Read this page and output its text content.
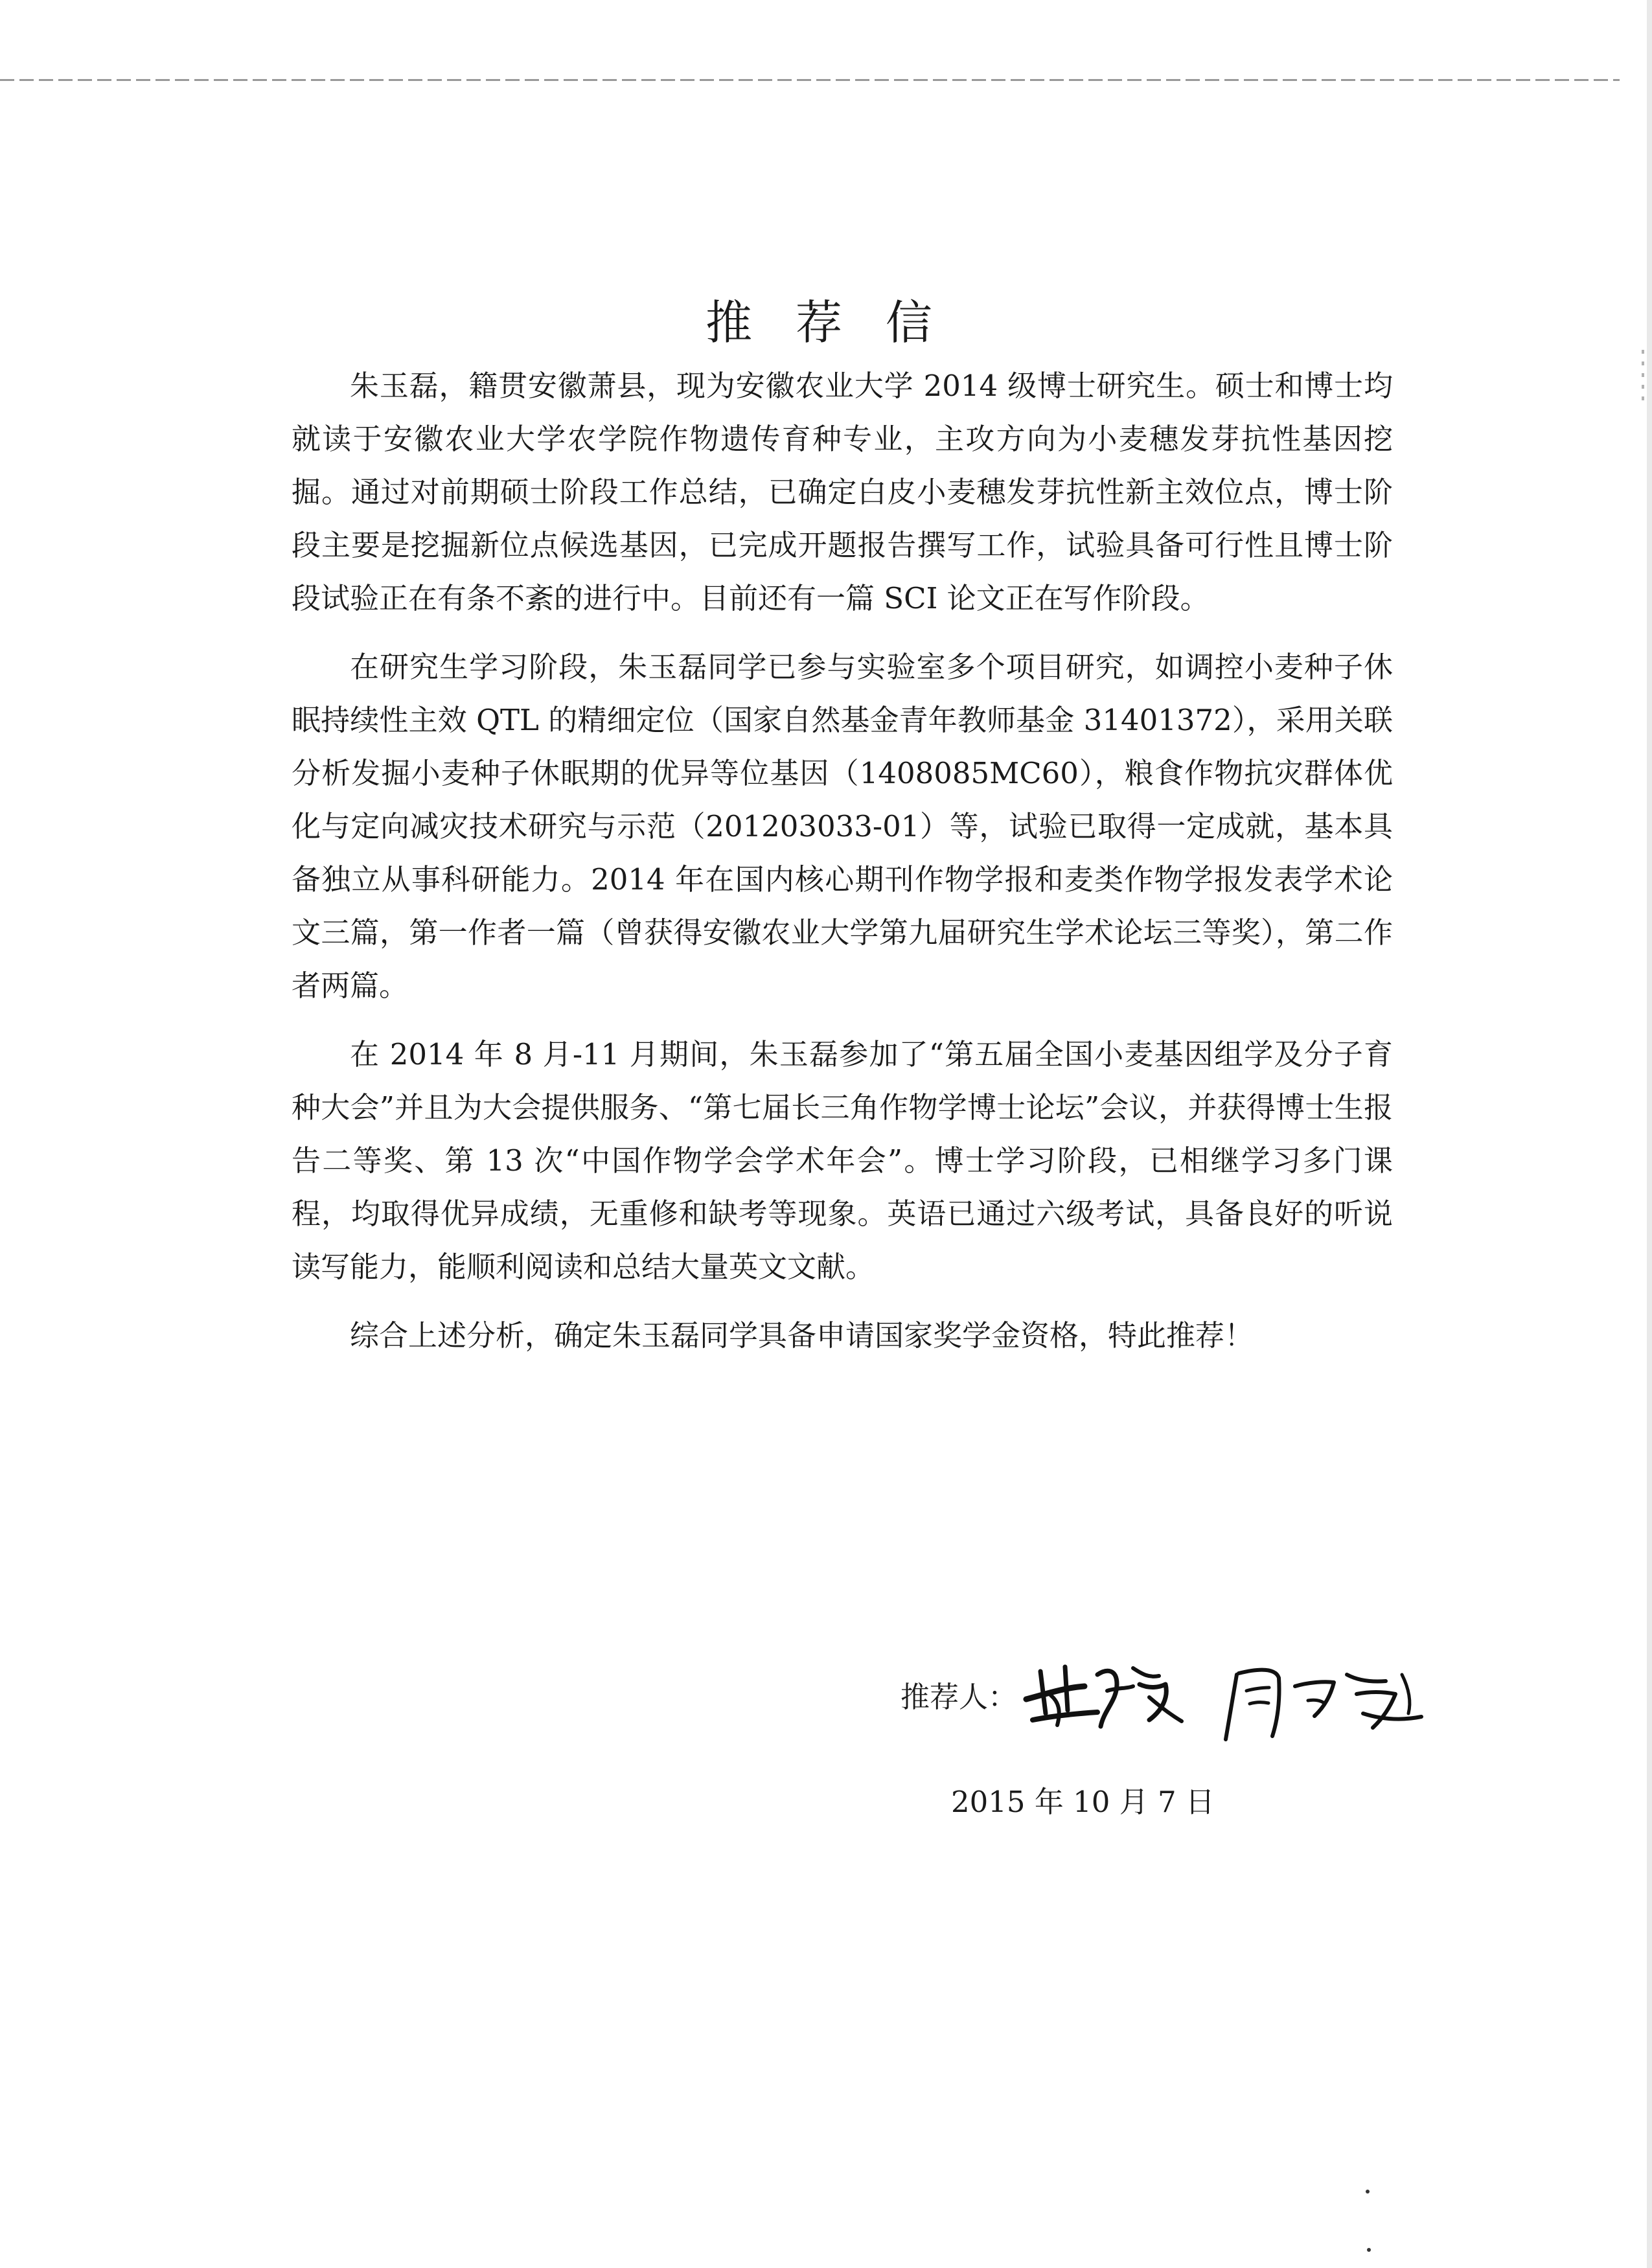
推 荐 信

朱玉磊，籍贯安徽萧县，现为安徽农业大学 2014 级博士研究生。硕士和博士均就读于安徽农业大学农学院作物遗传育种专业，主攻方向为小麦穗发芽抗性基因挖掘。通过对前期硕士阶段工作总结，已确定白皮小麦穗发芽抗性新主效位点，博士阶段主要是挖掘新位点候选基因，已完成开题报告撰写工作，试验具备可行性且博士阶段试验正在有条不紊的进行中。目前还有一篇 SCI 论文正在写作阶段。

在研究生学习阶段，朱玉磊同学已参与实验室多个项目研究，如调控小麦种子休眠持续性主效 QTL 的精细定位（国家自然基金青年教师基金 31401372），采用关联分析发掘小麦种子休眠期的优异等位基因（1408085MC60），粮食作物抗灾群体优化与定向减灾技术研究与示范（201203033-01）等，试验已取得一定成就，基本具备独立从事科研能力。2014 年在国内核心期刊作物学报和麦类作物学报发表学术论文三篇，第一作者一篇（曾获得安徽农业大学第九届研究生学术论坛三等奖），第二作者两篇。

在 2014 年 8 月-11 月期间，朱玉磊参加了“第五届全国小麦基因组学及分子育种大会”并且为大会提供服务、“第七届长三角作物学博士论坛”会议，并获得博士生报告二等奖、第 13 次“中国作物学会学术年会”。博士学习阶段，已相继学习多门课程，均取得优异成绩，无重修和缺考等现象。英语已通过六级考试，具备良好的听说读写能力，能顺利阅读和总结大量英文文献。

综合上述分析，确定朱玉磊同学具备申请国家奖学金资格，特此推荐！

推荐人：
2015 年 10 月 7 日
